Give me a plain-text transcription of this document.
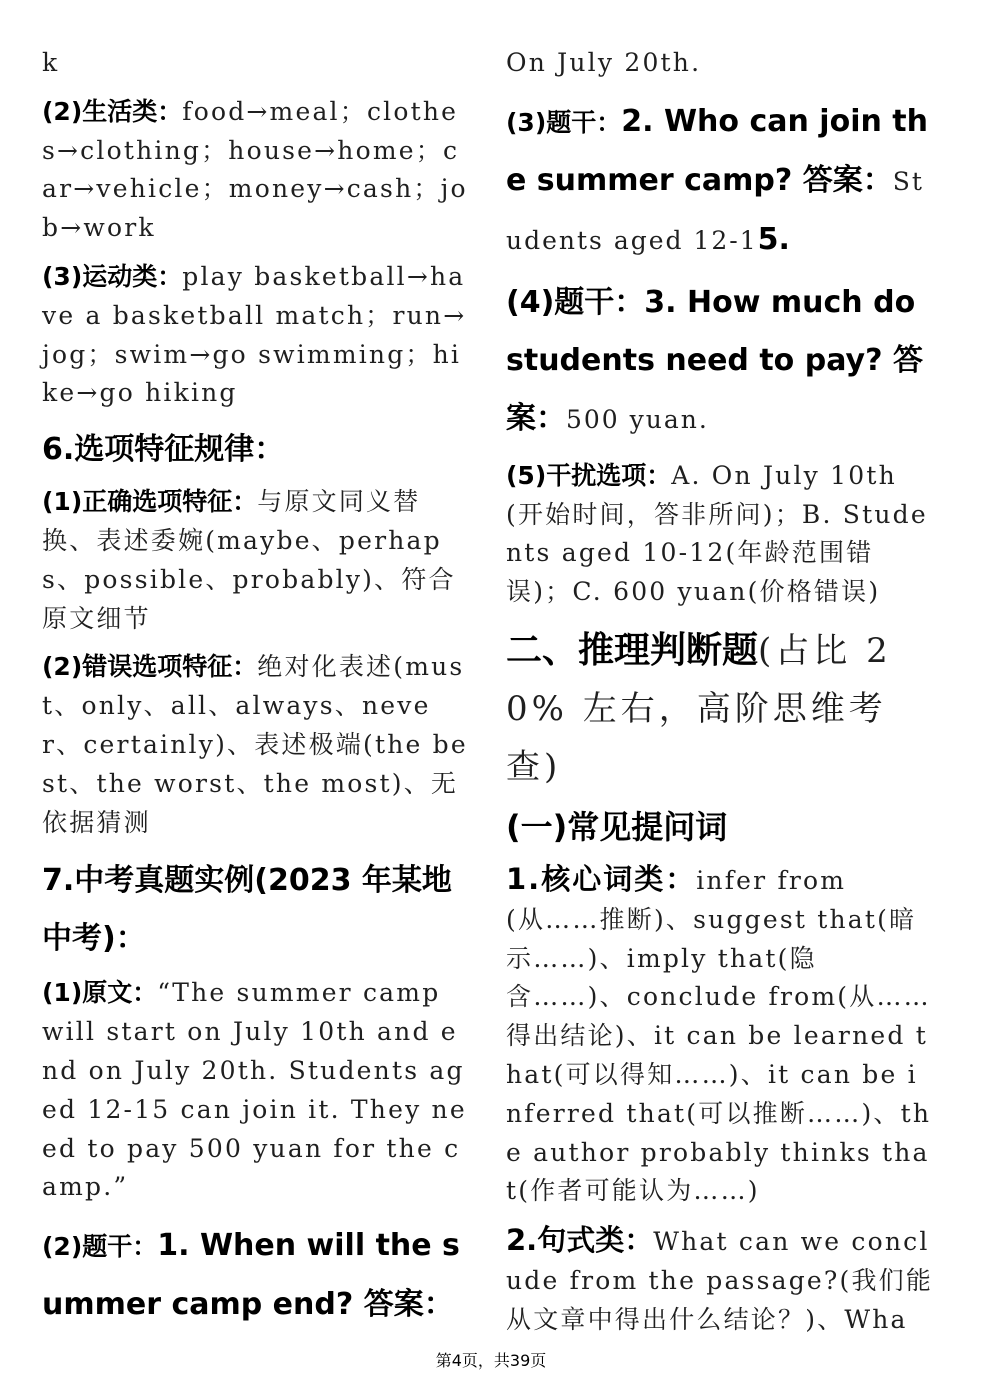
k
(2)生活类：food→meal；clothes→clothing；house→home；car→vehicle；money→cash；job→work
(3)运动类：play basketball→have a basketball match；run→jog；swim→go swimming；hike→go hiking
6.选项特征规律：
(1)正确选项特征：与原文同义替换、表述委婉(maybe、perhaps、possible、probably)、符合原文细节
(2)错误选项特征：绝对化表述(must、only、all、always、never、certainly)、表述极端(the best、the worst、the most)、无依据猜测
7.中考真题实例(2023 年某地中考)：
(1)原文：“The summer camp will start on July 10th and end on July 20th. Students aged 12-15 can join it. They need to pay 500 yuan for the camp.”
(2)题干：1. When will the summer camp end? 答案：
On July 20th.
(3)题干：2. Who can join the summer camp? 答案：Students aged 12-15.
(4)题干：3. How much do students need to pay? 答案：500 yuan.
(5)干扰选项：A. On July 10th(开始时间，答非所问)；B. Students aged 10-12(年龄范围错误)；C. 600 yuan(价格错误)
二、推理判断题(占比 20% 左右，高阶思维考查)
(一)常见提问词
1.核心词类：infer from(从……推断)、suggest that(暗示……)、imply that(隐含……)、conclude from(从……得出结论)、it can be learned that(可以得知……)、it can be inferred that(可以推断……)、the author probably thinks that(作者可能认为……)
2.句式类：What can we conclude from the passage?(我们能从文章中得出什么结论？)、Wha
第4页，共39页
